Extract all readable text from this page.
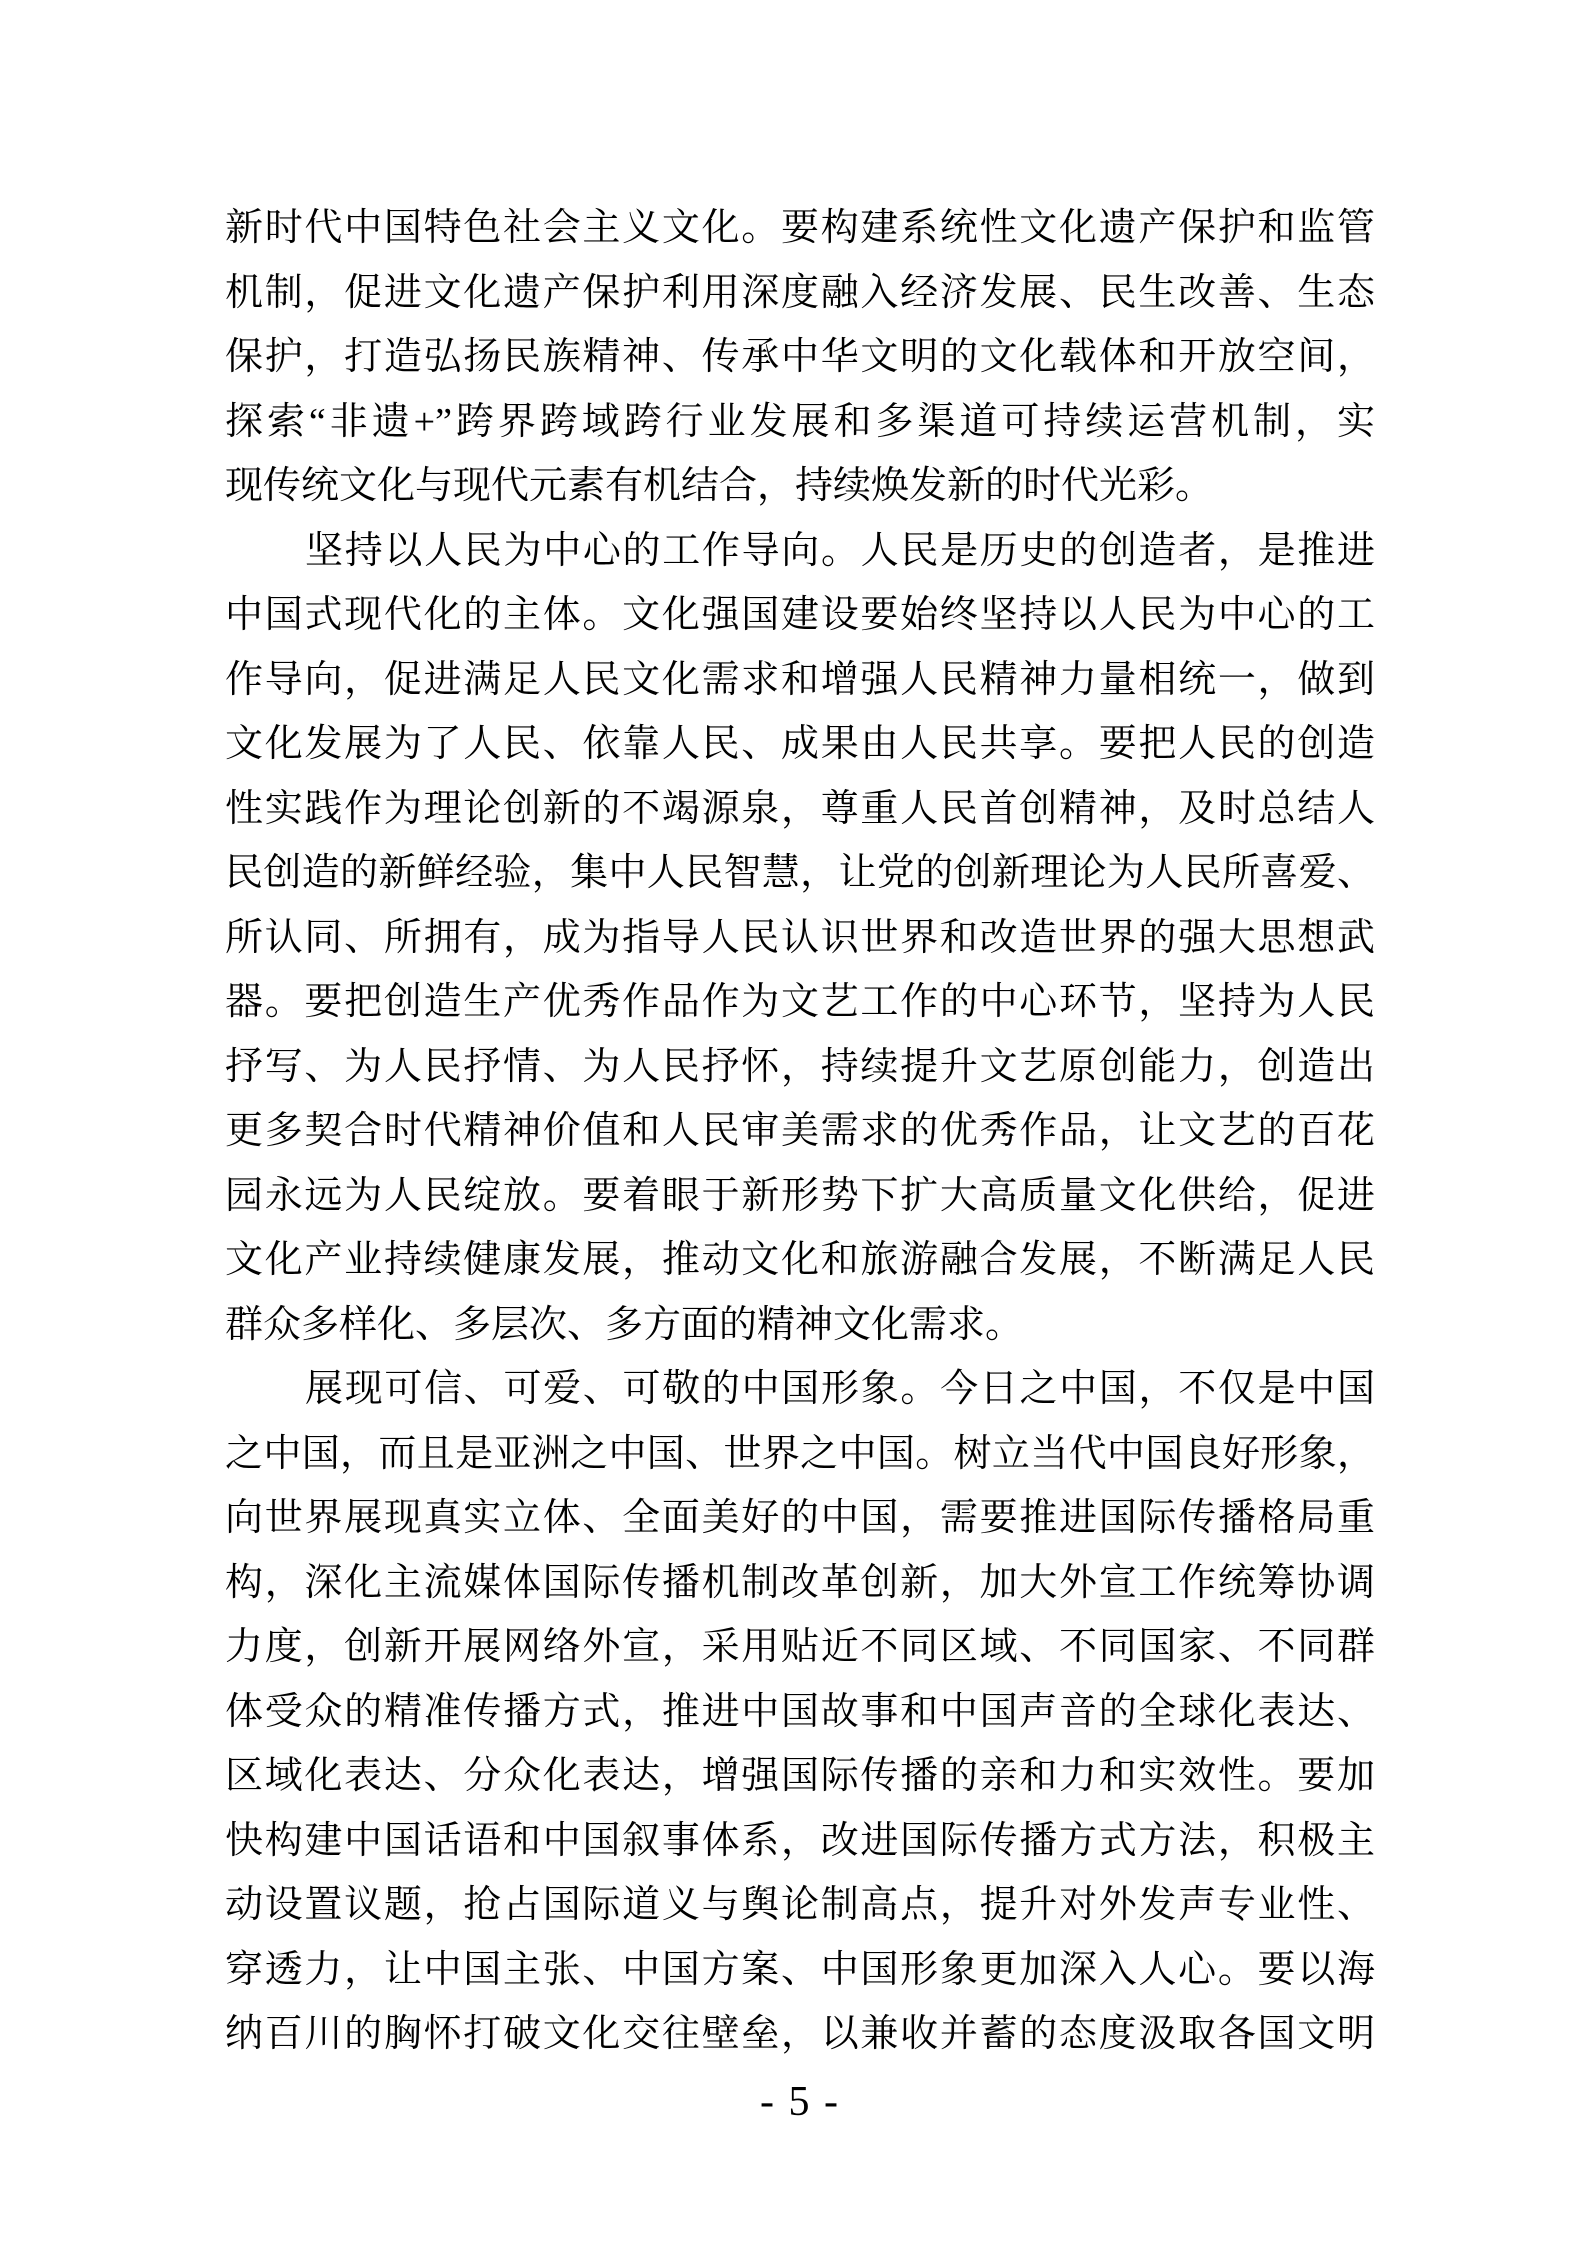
新时代中国特色社会主义文化。要构建系统性文化遗产保护和监管
机制，促进文化遗产保护利用深度融入经济发展、民生改善、生态
保护，打造弘扬民族精神、传承中华文明的文化载体和开放空间，
探索“非遗+”跨界跨域跨行业发展和多渠道可持续运营机制，实
现传统文化与现代元素有机结合，持续焕发新的时代光彩。
坚持以人民为中心的工作导向。人民是历史的创造者，是推进
中国式现代化的主体。文化强国建设要始终坚持以人民为中心的工
作导向，促进满足人民文化需求和增强人民精神力量相统一，做到
文化发展为了人民、依靠人民、成果由人民共享。要把人民的创造
性实践作为理论创新的不竭源泉，尊重人民首创精神，及时总结人
民创造的新鲜经验，集中人民智慧，让党的创新理论为人民所喜爱、
所认同、所拥有，成为指导人民认识世界和改造世界的强大思想武
器。要把创造生产优秀作品作为文艺工作的中心环节，坚持为人民
抒写、为人民抒情、为人民抒怀，持续提升文艺原创能力，创造出
更多契合时代精神价值和人民审美需求的优秀作品，让文艺的百花
园永远为人民绽放。要着眼于新形势下扩大高质量文化供给，促进
文化产业持续健康发展，推动文化和旅游融合发展，不断满足人民
群众多样化、多层次、多方面的精神文化需求。
展现可信、可爱、可敬的中国形象。今日之中国，不仅是中国
之中国，而且是亚洲之中国、世界之中国。树立当代中国良好形象，
向世界展现真实立体、全面美好的中国，需要推进国际传播格局重
构，深化主流媒体国际传播机制改革创新，加大外宣工作统筹协调
力度，创新开展网络外宣，采用贴近不同区域、不同国家、不同群
体受众的精准传播方式，推进中国故事和中国声音的全球化表达、
区域化表达、分众化表达，增强国际传播的亲和力和实效性。要加
快构建中国话语和中国叙事体系，改进国际传播方式方法，积极主
动设置议题，抢占国际道义与舆论制高点，提升对外发声专业性、
穿透力，让中国主张、中国方案、中国形象更加深入人心。要以海
纳百川的胸怀打破文化交往壁垒，以兼收并蓄的态度汲取各国文明
- 5 -
